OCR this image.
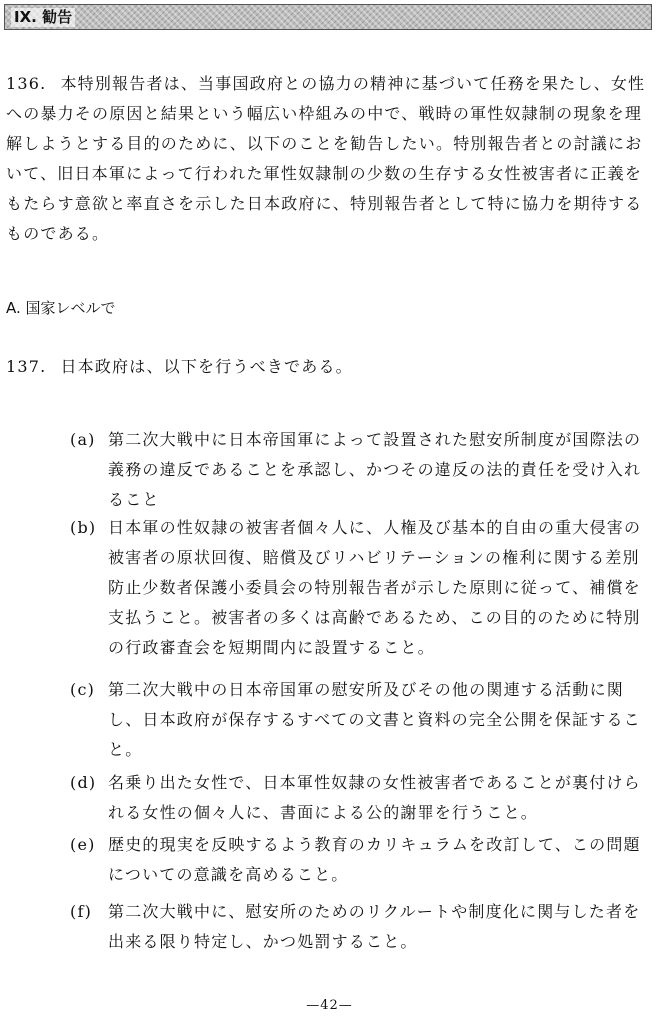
IX. 勧告
136. 本特別報告者は、当事国政府との協力の精神に基づいて任務を果たし、女性への暴力その原因と結果という幅広い枠組みの中で、戦時の軍性奴隷制の現象を理解しようとする目的のために、以下のことを勧告したい。特別報告者との討議において、旧日本軍によって行われた軍性奴隷制の少数の生存する女性被害者に正義をもたらす意欲と率直さを示した日本政府に、特別報告者として特に協力を期待するものである。
A. 国家レベルで
137. 日本政府は、以下を行うべきである。
(a) 第二次大戦中に日本帝国軍によって設置された慰安所制度が国際法の義務の違反であることを承認し、かつその違反の法的責任を受け入れること
(b) 日本軍の性奴隷の被害者個々人に、人権及び基本的自由の重大侵害の被害者の原状回復、賠償及びリハビリテーションの権利に関する差別防止少数者保護小委員会の特別報告者が示した原則に従って、補償を支払うこと。被害者の多くは高齢であるため、この目的のために特別の行政審査会を短期間内に設置すること。
(c) 第二次大戦中の日本帝国軍の慰安所及びその他の関連する活動に関し、日本政府が保存するすべての文書と資料の完全公開を保証すること。
(d) 名乗り出た女性で、日本軍性奴隷の女性被害者であることが裏付けられる女性の個々人に、書面による公的謝罪を行うこと。
(e) 歴史的現実を反映するよう教育のカリキュラムを改訂して、この問題についての意識を高めること。
(f) 第二次大戦中に、慰安所のためのリクルートや制度化に関与した者を出来る限り特定し、かつ処罰すること。
—42—
